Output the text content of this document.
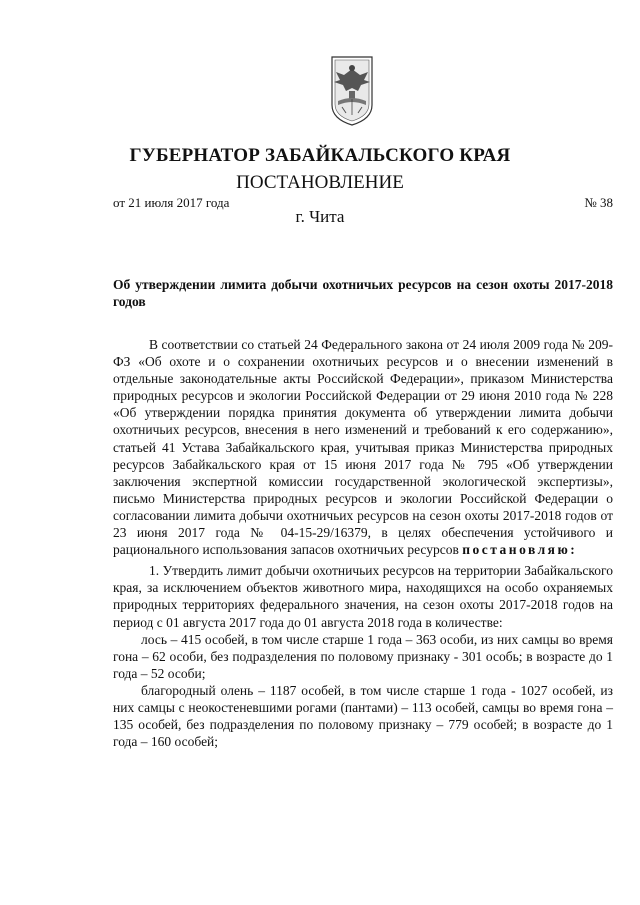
ГУБЕРНАТОР ЗАБАЙКАЛЬСКОГО КРАЯ
ПОСТАНОВЛЕНИЕ
от 21 июля 2017 года	№ 38
г. Чита
Об утверждении лимита добычи охотничьих ресурсов на сезон охоты 2017-2018 годов

В соответствии со статьей 24 Федерального закона от 24 июля 2009 года № 209-ФЗ «Об охоте и о сохранении охотничьих ресурсов и о внесении изменений в отдельные законодательные акты Российской Федерации», приказом Министерства природных ресурсов и экологии Российской Федерации от 29 июня 2010 года № 228 «Об утверждении порядка принятия документа об утверждении лимита добычи охотничьих ресурсов, внесения в него изменений и требований к его содержанию», статьей 41 Устава Забайкальского края, учитывая приказ Министерства природных ресурсов Забайкальского края от 15 июня 2017 года № 795 «Об утверждении заключения экспертной комиссии государственной экологической экспертизы», письмо Министерства природных ресурсов и экологии Российской Федерации о согласовании лимита добычи охотничьих ресурсов на сезон охоты 2017-2018 годов от 23 июня 2017 года № 04-15-29/16379, в целях обеспечения устойчивого и рационального использования запасов охотничьих ресурсов постановляю:

1. Утвердить лимит добычи охотничьих ресурсов на территории Забайкальского края, за исключением объектов животного мира, находящихся на особо охраняемых природных территориях федерального значения, на сезон охоты 2017-2018 годов на период с 01 августа 2017 года до 01 августа 2018 года в количестве:

лось – 415 особей, в том числе старше 1 года – 363 особи, из них самцы во время гона – 62 особи, без подразделения по половому признаку - 301 особь; в возрасте до 1 года – 52 особи;

благородный олень – 1187 особей, в том числе старше 1 года - 1027 особей, из них самцы с неокостеневшими рогами (пантами) – 113 особей, самцы во время гона – 135 особей, без подразделения по половому признаку – 779 особей; в возрасте до 1 года – 160 особей;
